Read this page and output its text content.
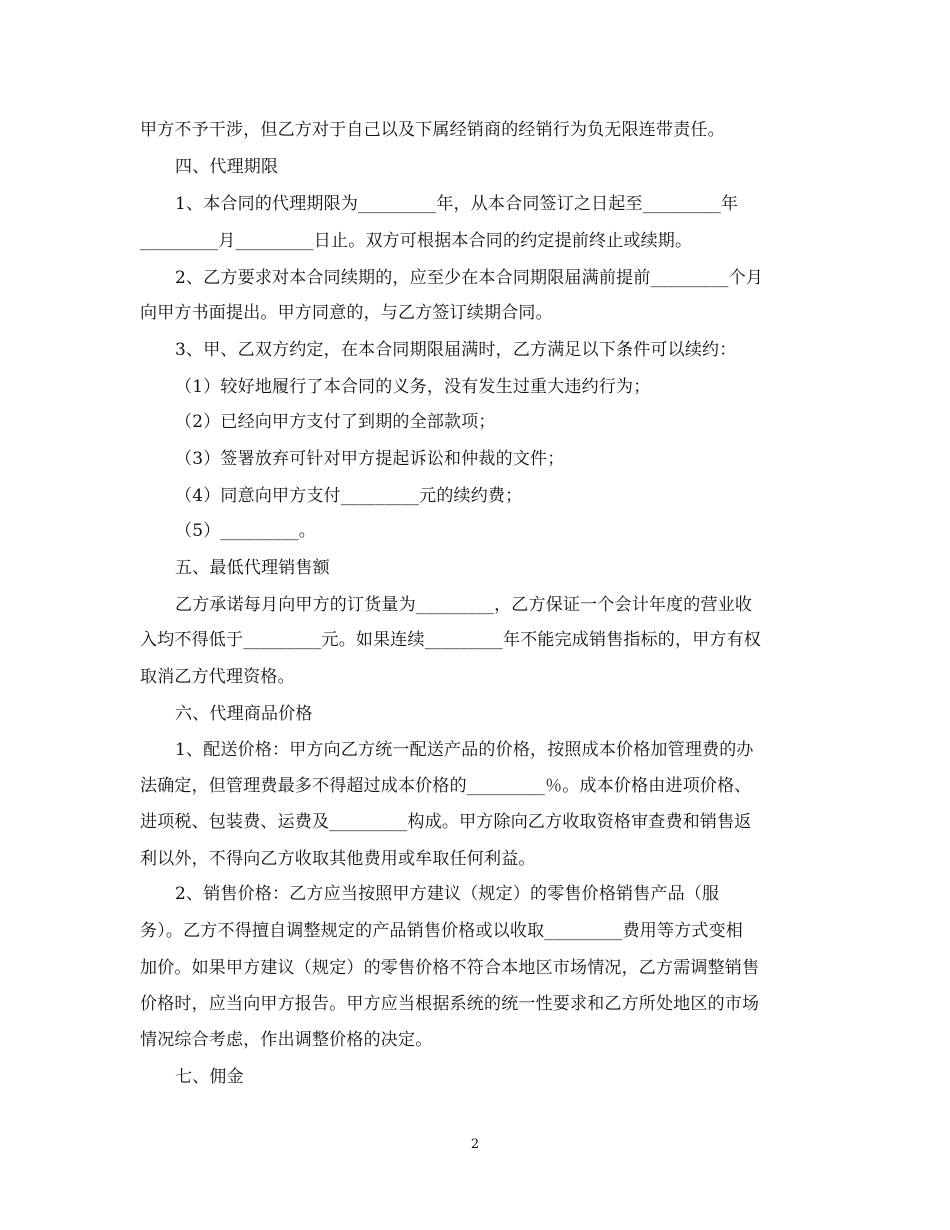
甲方不予干涉，但乙方对于自己以及下属经销商的经销行为负无限连带责任。
四、代理期限
1、本合同的代理期限为_________年，从本合同签订之日起至_________年
_________月_________日止。双方可根据本合同的约定提前终止或续期。
2、乙方要求对本合同续期的，应至少在本合同期限届满前提前_________个月
向甲方书面提出。甲方同意的，与乙方签订续期合同。
3、甲、乙双方约定，在本合同期限届满时，乙方满足以下条件可以续约：
（1）较好地履行了本合同的义务，没有发生过重大违约行为；
（2）已经向甲方支付了到期的全部款项；
（3）签署放弃可针对甲方提起诉讼和仲裁的文件；
（4）同意向甲方支付_________元的续约费；
（5）_________。
五、最低代理销售额
乙方承诺每月向甲方的订货量为_________，乙方保证一个会计年度的营业收
入均不得低于_________元。如果连续_________年不能完成销售指标的，甲方有权
取消乙方代理资格。
六、代理商品价格
1、配送价格：甲方向乙方统一配送产品的价格，按照成本价格加管理费的办
法确定，但管理费最多不得超过成本价格的_________％。成本价格由进项价格、
进项税、包装费、运费及_________构成。甲方除向乙方收取资格审查费和销售返
利以外，不得向乙方收取其他费用或牟取任何利益。
2、销售价格：乙方应当按照甲方建议（规定）的零售价格销售产品（服
务）。乙方不得擅自调整规定的产品销售价格或以收取_________费用等方式变相
加价。如果甲方建议（规定）的零售价格不符合本地区市场情况，乙方需调整销售
价格时，应当向甲方报告。甲方应当根据系统的统一性要求和乙方所处地区的市场
情况综合考虑，作出调整价格的决定。
七、佣金
2
